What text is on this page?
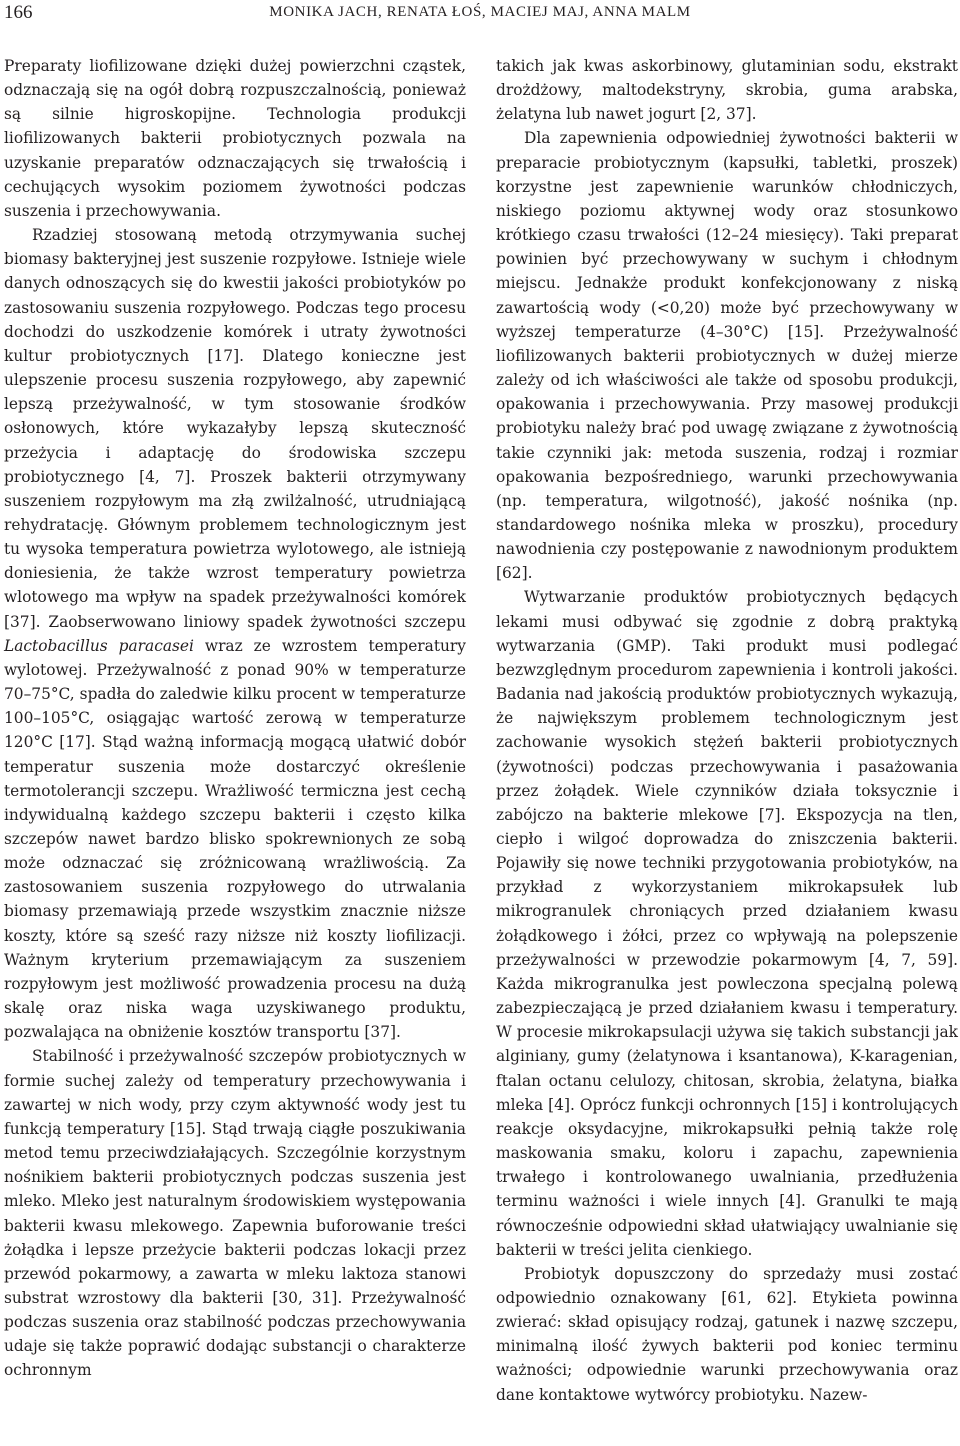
166	MONIKA JACH, RENATA ŁOŚ, MACIEJ MAJ, ANNA MALM

Preparaty liofilizowane dzięki dużej powierzchni cząstek, odznaczają się na ogół dobrą rozpuszczalnością, ponieważ są silnie higroskopijne. Technologia produkcji liofilizowanych bakterii probiotycznych pozwala na uzyskanie preparatów odznaczających się trwałością i cechujących wysokim poziomem żywotności podczas suszenia i przechowywania.

Rzadziej stosowaną metodą otrzymywania suchej biomasy bakteryjnej jest suszenie rozpyłowe. Istnieje wiele danych odnoszących się do kwestii jakości probiotyków po zastosowaniu suszenia rozpyłowego. Podczas tego procesu dochodzi do uszkodzenie komórek i utraty żywotności kultur probiotycznych [17]. Dlatego konieczne jest ulepszenie procesu suszenia rozpyłowego, aby zapewnić lepszą przeżywalność, w tym stosowanie środków osłonowych, które wykazałyby lepszą skuteczność przeżycia i adaptację do środowiska szczepu probiotycznego [4, 7]. Proszek bakterii otrzymywany suszeniem rozpyłowym ma złą zwilżalność, utrudniającą rehydratację. Głównym problemem technologicznym jest tu wysoka temperatura powietrza wylotowego, ale istnieją doniesienia, że także wzrost temperatury powietrza wlotowego ma wpływ na spadek przeżywalności komórek [37]. Zaobserwowano liniowy spadek żywotności szczepu Lactobacillus paracasei wraz ze wzrostem temperatury wylotowej. Przeżywalność z ponad 90% w temperaturze 70–75°C, spadła do zaledwie kilku procent w temperaturze 100–105°C, osiągając wartość zerową w temperaturze 120°C [17]. Stąd ważną informacją mogącą ułatwić dobór temperatur suszenia może dostarczyć określenie termotolerancji szczepu. Wrażliwość termiczna jest cechą indywidualną każdego szczepu bakterii i często kilka szczepów nawet bardzo blisko spokrewnionych ze sobą może odznaczać się zróżnicowaną wrażliwością. Za zastosowaniem suszenia rozpyłowego do utrwalania biomasy przemawiają przede wszystkim znacznie niższe koszty, które są sześć razy niższe niż koszty liofilizacji. Ważnym kryterium przemawiającym za suszeniem rozpyłowym jest możliwość prowadzenia procesu na dużą skalę oraz niska waga uzyskiwanego produktu, pozwalająca na obniżenie kosztów transportu [37].

Stabilność i przeżywalność szczepów probiotycznych w formie suchej zależy od temperatury przechowywania i zawartej w nich wody, przy czym aktywność wody jest tu funkcją temperatury [15]. Stąd trwają ciągłe poszukiwania metod temu przeciwdziałających. Szczególnie korzystnym nośnikiem bakterii probiotycznych podczas suszenia jest mleko. Mleko jest naturalnym środowiskiem występowania bakterii kwasu mlekowego. Zapewnia buforowanie treści żołądka i lepsze przeżycie bakterii podczas lokacji przez przewód pokarmowy, a zawarta w mleku laktoza stanowi substrat wzrostowy dla bakterii [30, 31]. Przeżywalność podczas suszenia oraz stabilność podczas przechowywania udaje się także poprawić dodając substancji o charakterze ochronnym

takich jak kwas askorbinowy, glutaminian sodu, ekstrakt drożdżowy, maltodekstryny, skrobia, guma arabska, żelatyna lub nawet jogurt [2, 37].

Dla zapewnienia odpowiedniej żywotności bakterii w preparacie probiotycznym (kapsułki, tabletki, proszek) korzystne jest zapewnienie warunków chłodniczych, niskiego poziomu aktywnej wody oraz stosunkowo krótkiego czasu trwałości (12–24 miesięcy). Taki preparat powinien być przechowywany w suchym i chłodnym miejscu. Jednakże produkt konfekcjonowany z niską zawartością wody (<0,20) może być przechowywany w wyższej temperaturze (4–30°C) [15]. Przeżywalność liofilizowanych bakterii probiotycznych w dużej mierze zależy od ich właściwości ale także od sposobu produkcji, opakowania i przechowywania. Przy masowej produkcji probiotyku należy brać pod uwagę związane z żywotnością takie czynniki jak: metoda suszenia, rodzaj i rozmiar opakowania bezpośredniego, warunki przechowywania (np. temperatura, wilgotność), jakość nośnika (np. standardowego nośnika mleka w proszku), procedury nawodnienia czy postępowanie z nawodnionym produktem [62].

Wytwarzanie produktów probiotycznych będących lekami musi odbywać się zgodnie z dobrą praktyką wytwarzania (GMP). Taki produkt musi podlegać bezwzględnym procedurom zapewnienia i kontroli jakości. Badania nad jakością produktów probiotycznych wykazują, że największym problemem technologicznym jest zachowanie wysokich stężeń bakterii probiotycznych (żywotności) podczas przechowywania i pasażowania przez żołądek. Wiele czynników działa toksycznie i zabójczo na bakterie mlekowe [7]. Ekspozycja na tlen, ciepło i wilgoć doprowadza do zniszczenia bakterii. Pojawiły się nowe techniki przygotowania probiotyków, na przykład z wykorzystaniem mikrokapsułek lub mikrogranulek chroniących przed działaniem kwasu żołądkowego i żółci, przez co wpływają na polepszenie przeżywalności w przewodzie pokarmowym [4, 7, 59]. Każda mikrogranulka jest powleczona specjalną polewą zabezpieczającą je przed działaniem kwasu i temperatury. W procesie mikrokapsulacji używa się takich substancji jak alginiany, gumy (żelatynowa i ksantanowa), K-karagenian, ftalan octanu celulozy, chitosan, skrobia, żelatyna, białka mleka [4]. Oprócz funkcji ochronnych [15] i kontrolujących reakcje oksydacyjne, mikrokapsułki pełnią także rolę maskowania smaku, koloru i zapachu, zapewnienia trwałego i kontrolowanego uwalniania, przedłużenia terminu ważności i wiele innych [4]. Granulki te mają równocześnie odpowiedni skład ułatwiający uwalnianie się bakterii w treści jelita cienkiego.

Probiotyk dopuszczony do sprzedaży musi zostać odpowiednio oznakowany [61, 62]. Etykieta powinna zwierać: skład opisujący rodzaj, gatunek i nazwę szczepu, minimalną ilość żywych bakterii pod koniec terminu ważności; odpowiednie warunki przechowywania oraz dane kontaktowe wytwórcy probiotyku. Nazew-
